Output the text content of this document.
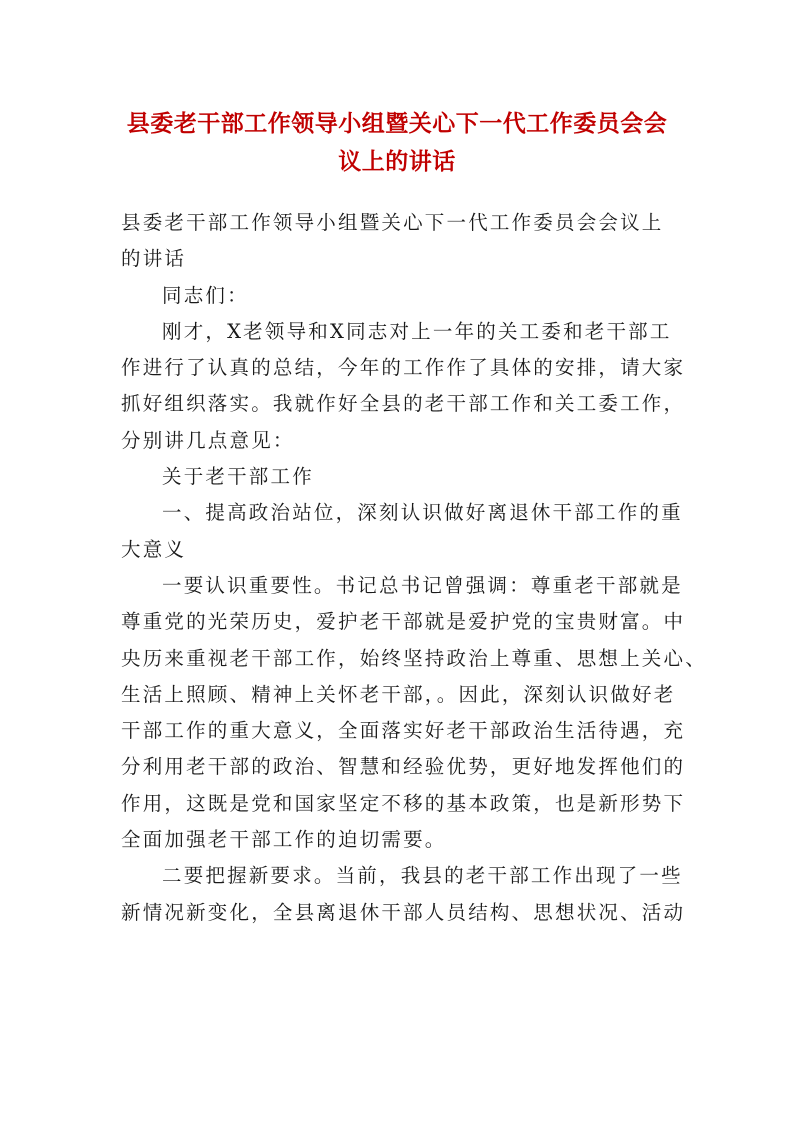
县委老干部工作领导小组暨关心下一代工作委员会会
议上的讲话
县委老干部工作领导小组暨关心下一代工作委员会会议上
的讲话
同志们：
刚才，X老领导和X同志对上一年的关工委和老干部工
作进行了认真的总结，今年的工作作了具体的安排，请大家
抓好组织落实。我就作好全县的老干部工作和关工委工作，
分别讲几点意见：
关于老干部工作
一、提高政治站位，深刻认识做好离退休干部工作的重
大意义
一要认识重要性。书记总书记曾强调：尊重老干部就是
尊重党的光荣历史，爱护老干部就是爱护党的宝贵财富。中
央历来重视老干部工作，始终坚持政治上尊重、思想上关心、
生活上照顾、精神上关怀老干部，。因此，深刻认识做好老
干部工作的重大意义，全面落实好老干部政治生活待遇，充
分利用老干部的政治、智慧和经验优势，更好地发挥他们的
作用，这既是党和国家坚定不移的基本政策，也是新形势下
全面加强老干部工作的迫切需要。
二要把握新要求。当前，我县的老干部工作出现了一些
新情况新变化，全县离退休干部人员结构、思想状况、活动
